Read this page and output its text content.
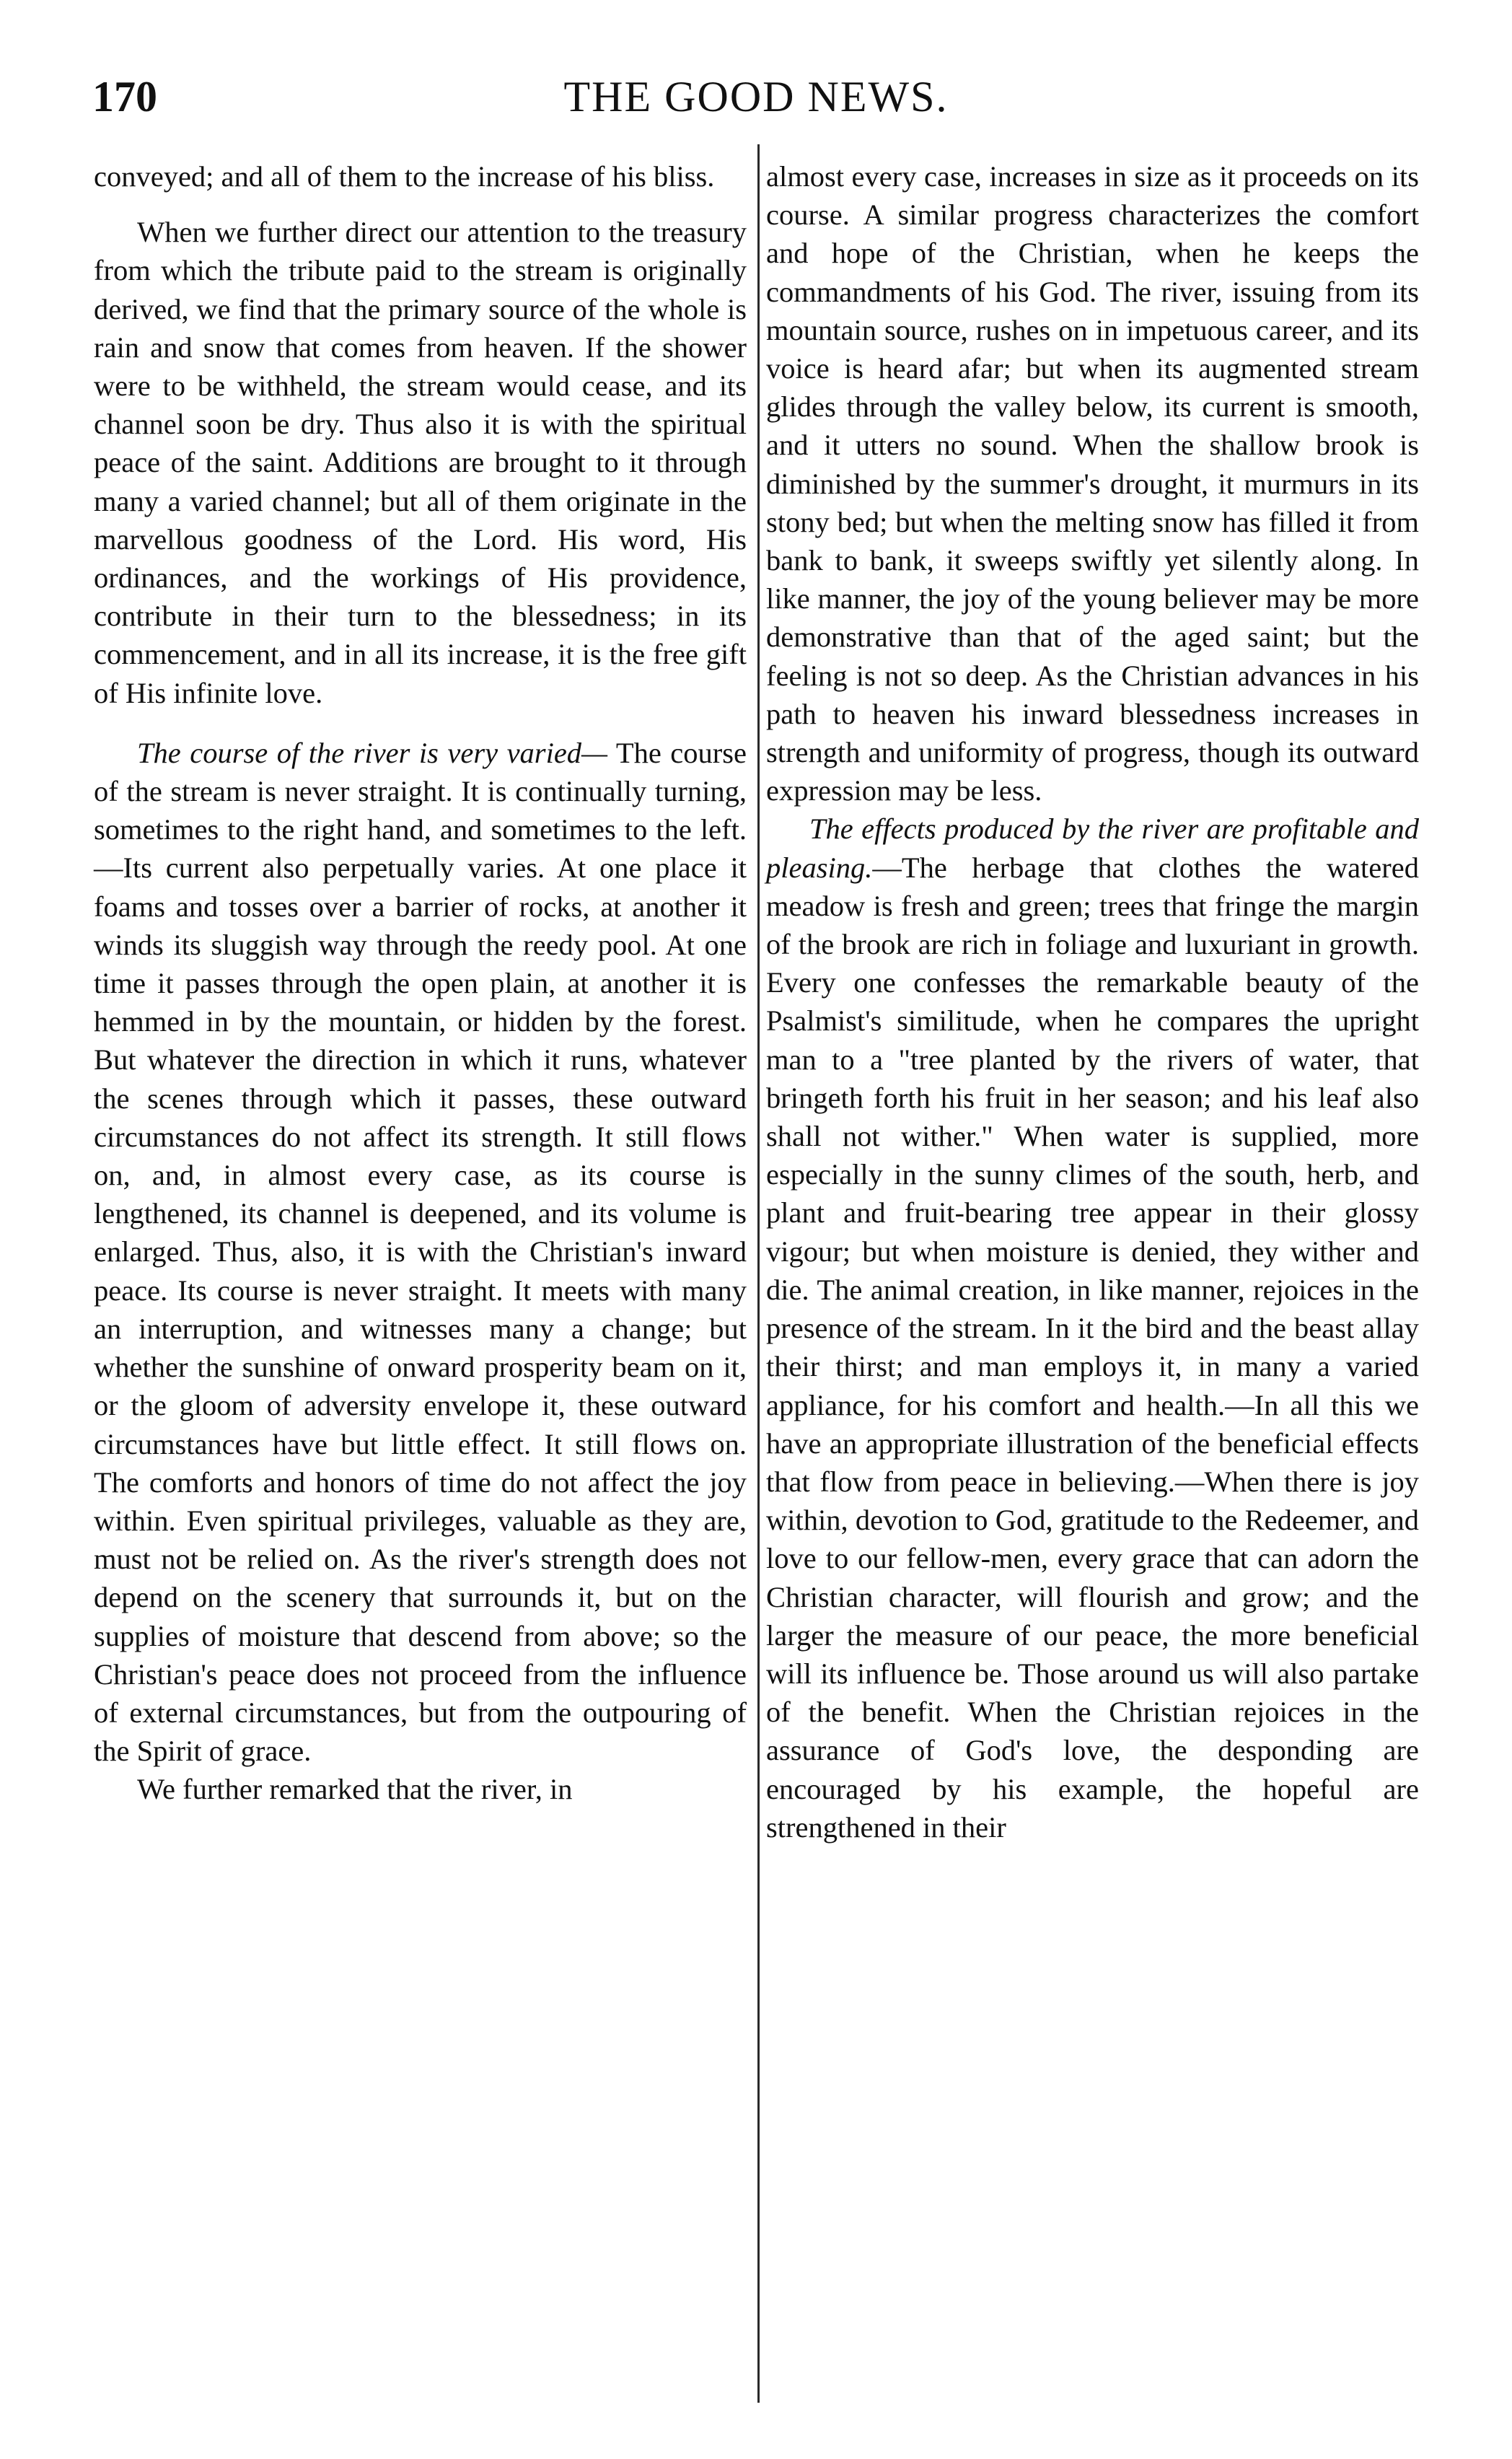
170	THE GOOD NEWS.

conveyed; and all of them to the increase of his bliss.

When we further direct our attention to the treasury from which the tribute paid to the stream is originally derived, we find that the primary source of the whole is rain and snow that comes from heaven. If the shower were to be withheld, the stream would cease, and its channel soon be dry. Thus also it is with the spiritual peace of the saint. Additions are brought to it through many a varied channel; but all of them originate in the marvellous goodness of the Lord. His word, His ordinances, and the workings of His providence, contribute in their turn to the blessedness; in its commencement, and in all its increase, it is the free gift of His infinite love.

The course of the river is very varied— The course of the stream is never straight. It is continually turning, sometimes to the right hand, and sometimes to the left.—Its current also perpetually varies. At one place it foams and tosses over a barrier of rocks, at another it winds its sluggish way through the reedy pool. At one time it passes through the open plain, at another it is hemmed in by the mountain, or hidden by the forest. But whatever the direction in which it runs, whatever the scenes through which it passes, these outward circumstances do not affect its strength. It still flows on, and, in almost every case, as its course is lengthened, its channel is deepened, and its volume is enlarged. Thus, also, it is with the Christian's inward peace. Its course is never straight. It meets with many an interruption, and witnesses many a change; but whether the sunshine of onward prosperity beam on it, or the gloom of adversity envelope it, these outward circumstances have but little effect. It still flows on. The comforts and honors of time do not affect the joy within. Even spiritual privileges, valuable as they are, must not be relied on. As the river's strength does not depend on the scenery that surrounds it, but on the supplies of moisture that descend from above; so the Christian's peace does not proceed from the influence of external circumstances, but from the outpouring of the Spirit of grace.

We further remarked that the river, in

almost every case, increases in size as it proceeds on its course. A similar progress characterizes the comfort and hope of the Christian, when he keeps the commandments of his God. The river, issuing from its mountain source, rushes on in impetuous career, and its voice is heard afar; but when its augmented stream glides through the valley below, its current is smooth, and it utters no sound. When the shallow brook is diminished by the summer's drought, it murmurs in its stony bed; but when the melting snow has filled it from bank to bank, it sweeps swiftly yet silently along. In like manner, the joy of the young believer may be more demonstrative than that of the aged saint; but the feeling is not so deep. As the Christian advances in his path to heaven his inward blessedness increases in strength and uniformity of progress, though its outward expression may be less.

The effects produced by the river are profitable and pleasing.—The herbage that clothes the watered meadow is fresh and green; trees that fringe the margin of the brook are rich in foliage and luxuriant in growth. Every one confesses the remarkable beauty of the Psalmist's similitude, when he compares the upright man to a "tree planted by the rivers of water, that bringeth forth his fruit in her season; and his leaf also shall not wither." When water is supplied, more especially in the sunny climes of the south, herb, and plant and fruit-bearing tree appear in their glossy vigour; but when moisture is denied, they wither and die. The animal creation, in like manner, rejoices in the presence of the stream. In it the bird and the beast allay their thirst; and man employs it, in many a varied appliance, for his comfort and health.—In all this we have an appropriate illustration of the beneficial effects that flow from peace in believing.—When there is joy within, devotion to God, gratitude to the Redeemer, and love to our fellow-men, every grace that can adorn the Christian character, will flourish and grow; and the larger the measure of our peace, the more beneficial will its influence be. Those around us will also partake of the benefit. When the Christian rejoices in the assurance of God's love, the desponding are encouraged by his example, the hopeful are strengthened in their
